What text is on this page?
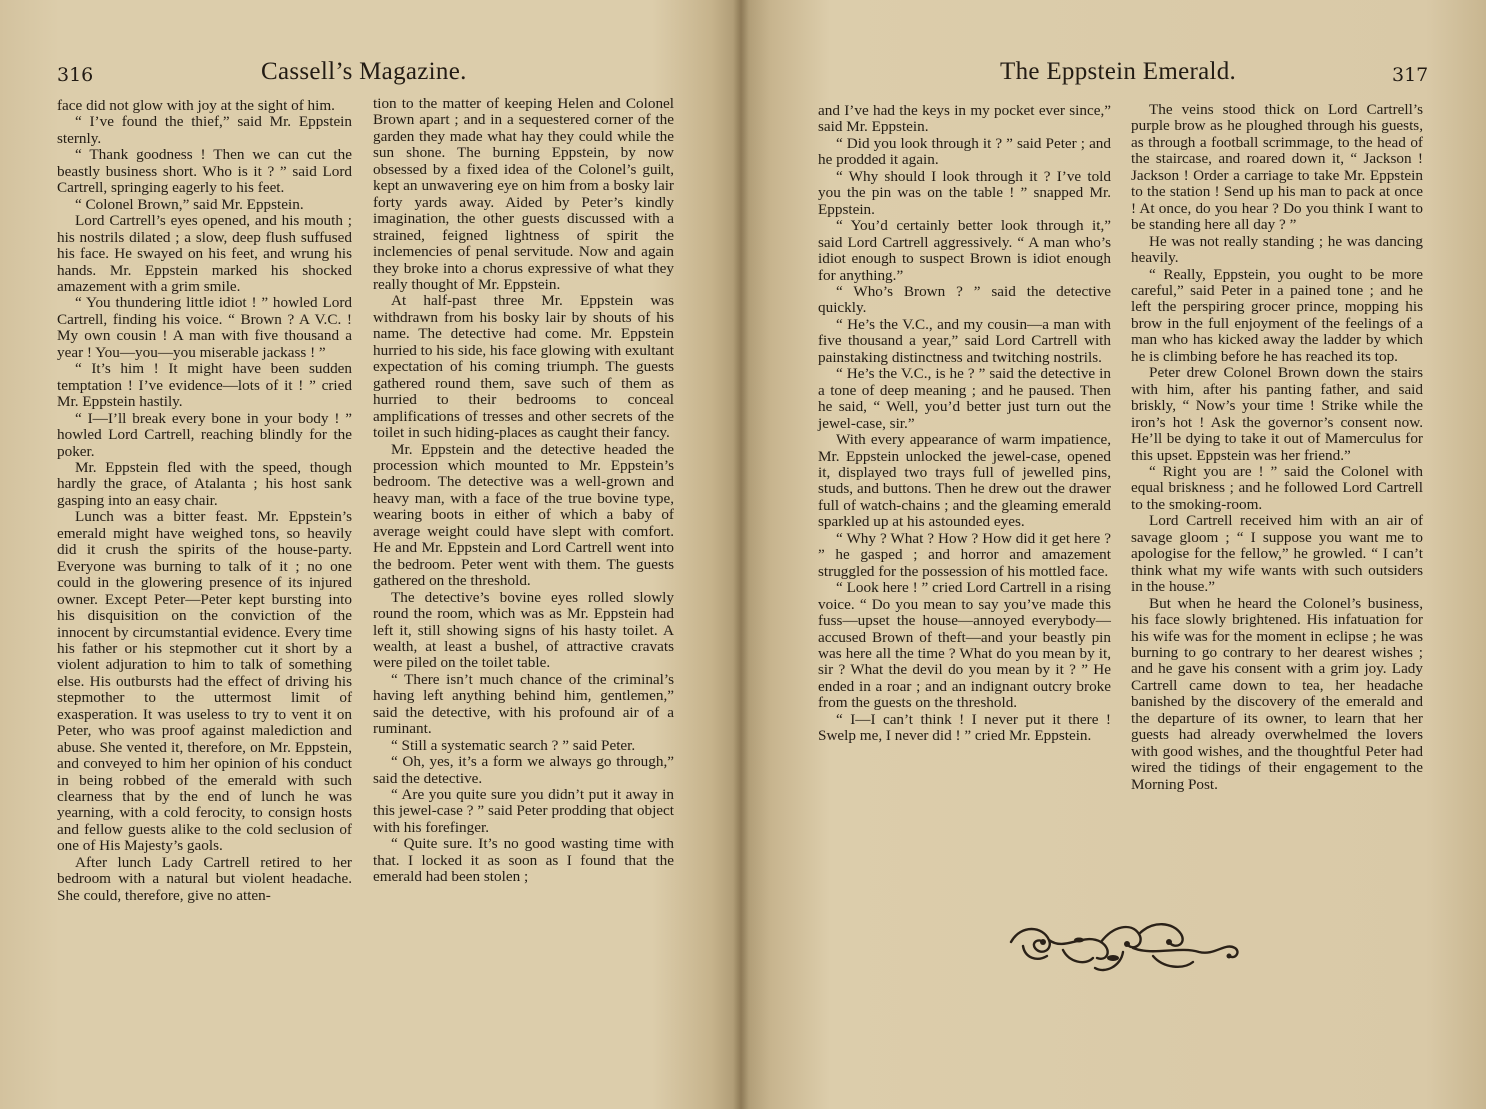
316	Cassell’s Magazine.

face did not glow with joy at the sight of him.

“ I’ve found the thief,” said Mr. Eppstein sternly.

“ Thank goodness ! Then we can cut the beastly business short. Who is it ? ” said Lord Cartrell, springing eagerly to his feet.

“ Colonel Brown,” said Mr. Eppstein.

Lord Cartrell’s eyes opened, and his mouth ; his nostrils dilated ; a slow, deep flush suffused his face. He swayed on his feet, and wrung his hands. Mr. Eppstein marked his shocked amazement with a grim smile.

“ You thundering little idiot ! ” howled Lord Cartrell, finding his voice. “ Brown ? A V.C. ! My own cousin ! A man with five thousand a year ! You—you—you miserable jackass ! ”

“ It’s him ! It might have been sudden temptation ! I’ve evidence—lots of it ! ” cried Mr. Eppstein hastily.

“ I—I’ll break every bone in your body ! ” howled Lord Cartrell, reaching blindly for the poker.

Mr. Eppstein fled with the speed, though hardly the grace, of Atalanta ; his host sank gasping into an easy chair.

Lunch was a bitter feast. Mr. Eppstein’s emerald might have weighed tons, so heavily did it crush the spirits of the house-party. Everyone was burning to talk of it ; no one could in the glowering presence of its injured owner. Except Peter—Peter kept bursting into his disquisition on the conviction of the innocent by circumstantial evidence. Every time his father or his stepmother cut it short by a violent adjuration to him to talk of something else. His outbursts had the effect of driving his stepmother to the uttermost limit of exasperation. It was useless to try to vent it on Peter, who was proof against malediction and abuse. She vented it, therefore, on Mr. Eppstein, and conveyed to him her opinion of his conduct in being robbed of the emerald with such clearness that by the end of lunch he was yearning, with a cold ferocity, to consign hosts and fellow guests alike to the cold seclusion of one of His Majesty’s gaols.

After lunch Lady Cartrell retired to her bedroom with a natural but violent headache. She could, therefore, give no atten-

tion to the matter of keeping Helen and Colonel Brown apart ; and in a sequestered corner of the garden they made what hay they could while the sun shone. The burning Eppstein, by now obsessed by a fixed idea of the Colonel’s guilt, kept an unwavering eye on him from a bosky lair forty yards away. Aided by Peter’s kindly imagination, the other guests discussed with a strained, feigned lightness of spirit the inclemencies of penal servitude. Now and again they broke into a chorus expressive of what they really thought of Mr. Eppstein.

At half-past three Mr. Eppstein was withdrawn from his bosky lair by shouts of his name. The detective had come. Mr. Eppstein hurried to his side, his face glowing with exultant expectation of his coming triumph. The guests gathered round them, save such of them as hurried to their bedrooms to conceal amplifications of tresses and other secrets of the toilet in such hiding-places as caught their fancy.

Mr. Eppstein and the detective headed the procession which mounted to Mr. Eppstein’s bedroom. The detective was a well-grown and heavy man, with a face of the true bovine type, wearing boots in either of which a baby of average weight could have slept with comfort. He and Mr. Eppstein and Lord Cartrell went into the bedroom. Peter went with them. The guests gathered on the threshold.

The detective’s bovine eyes rolled slowly round the room, which was as Mr. Eppstein had left it, still showing signs of his hasty toilet. A wealth, at least a bushel, of attractive cravats were piled on the toilet table.

“ There isn’t much chance of the criminal’s having left anything behind him, gentlemen,” said the detective, with his profound air of a ruminant.

“ Still a systematic search ? ” said Peter.

“ Oh, yes, it’s a form we always go through,” said the detective.

“ Are you quite sure you didn’t put it away in this jewel-case ? ” said Peter prodding that object with his forefinger.

“ Quite sure. It’s no good wasting time with that. I locked it as soon as I found that the emerald had been stolen ;

The Eppstein Emerald.	317

and I’ve had the keys in my pocket ever since,” said Mr. Eppstein.

“ Did you look through it ? ” said Peter ; and he prodded it again.

“ Why should I look through it ? I’ve told you the pin was on the table ! ” snapped Mr. Eppstein.

“ You’d certainly better look through it,” said Lord Cartrell aggressively. “ A man who’s idiot enough to suspect Brown is idiot enough for anything.”

“ Who’s Brown ? ” said the detective quickly.

“ He’s the V.C., and my cousin—a man with five thousand a year,” said Lord Cartrell with painstaking distinctness and twitching nostrils.

“ He’s the V.C., is he ? ” said the detective in a tone of deep meaning ; and he paused. Then he said, “ Well, you’d better just turn out the jewel-case, sir.”

With every appearance of warm impatience, Mr. Eppstein unlocked the jewel-case, opened it, displayed two trays full of jewelled pins, studs, and buttons. Then he drew out the drawer full of watch-chains ; and the gleaming emerald sparkled up at his astounded eyes.

“ Why ? What ? How ? How did it get here ? ” he gasped ; and horror and amazement struggled for the possession of his mottled face.

“ Look here ! ” cried Lord Cartrell in a rising voice. “ Do you mean to say you’ve made this fuss—upset the house—annoyed everybody—accused Brown of theft—and your beastly pin was here all the time ? What do you mean by it, sir ? What the devil do you mean by it ? ” He ended in a roar ; and an indignant outcry broke from the guests on the threshold.

“ I—I can’t think ! I never put it there ! Swelp me, I never did ! ” cried Mr. Eppstein.

The veins stood thick on Lord Cartrell’s purple brow as he ploughed through his guests, as through a football scrimmage, to the head of the staircase, and roared down it, “ Jackson ! Jackson ! Order a carriage to take Mr. Eppstein to the station ! Send up his man to pack at once ! At once, do you hear ? Do you think I want to be standing here all day ? ”

He was not really standing ; he was dancing heavily.

“ Really, Eppstein, you ought to be more careful,” said Peter in a pained tone ; and he left the perspiring grocer prince, mopping his brow in the full enjoyment of the feelings of a man who has kicked away the ladder by which he is climbing before he has reached its top.

Peter drew Colonel Brown down the stairs with him, after his panting father, and said briskly, “ Now’s your time ! Strike while the iron’s hot ! Ask the governor’s consent now. He’ll be dying to take it out of Mamerculus for this upset. Eppstein was her friend.”

“ Right you are ! ” said the Colonel with equal briskness ; and he followed Lord Cartrell to the smoking-room.

Lord Cartrell received him with an air of savage gloom ; “ I suppose you want me to apologise for the fellow,” he growled. “ I can’t think what my wife wants with such outsiders in the house.”

But when he heard the Colonel’s business, his face slowly brightened. His infatuation for his wife was for the moment in eclipse ; he was burning to go contrary to her dearest wishes ; and he gave his consent with a grim joy. Lady Cartrell came down to tea, her headache banished by the discovery of the emerald and the departure of its owner, to learn that her guests had already overwhelmed the lovers with good wishes, and the thoughtful Peter had wired the tidings of their engagement to the Morning Post.
